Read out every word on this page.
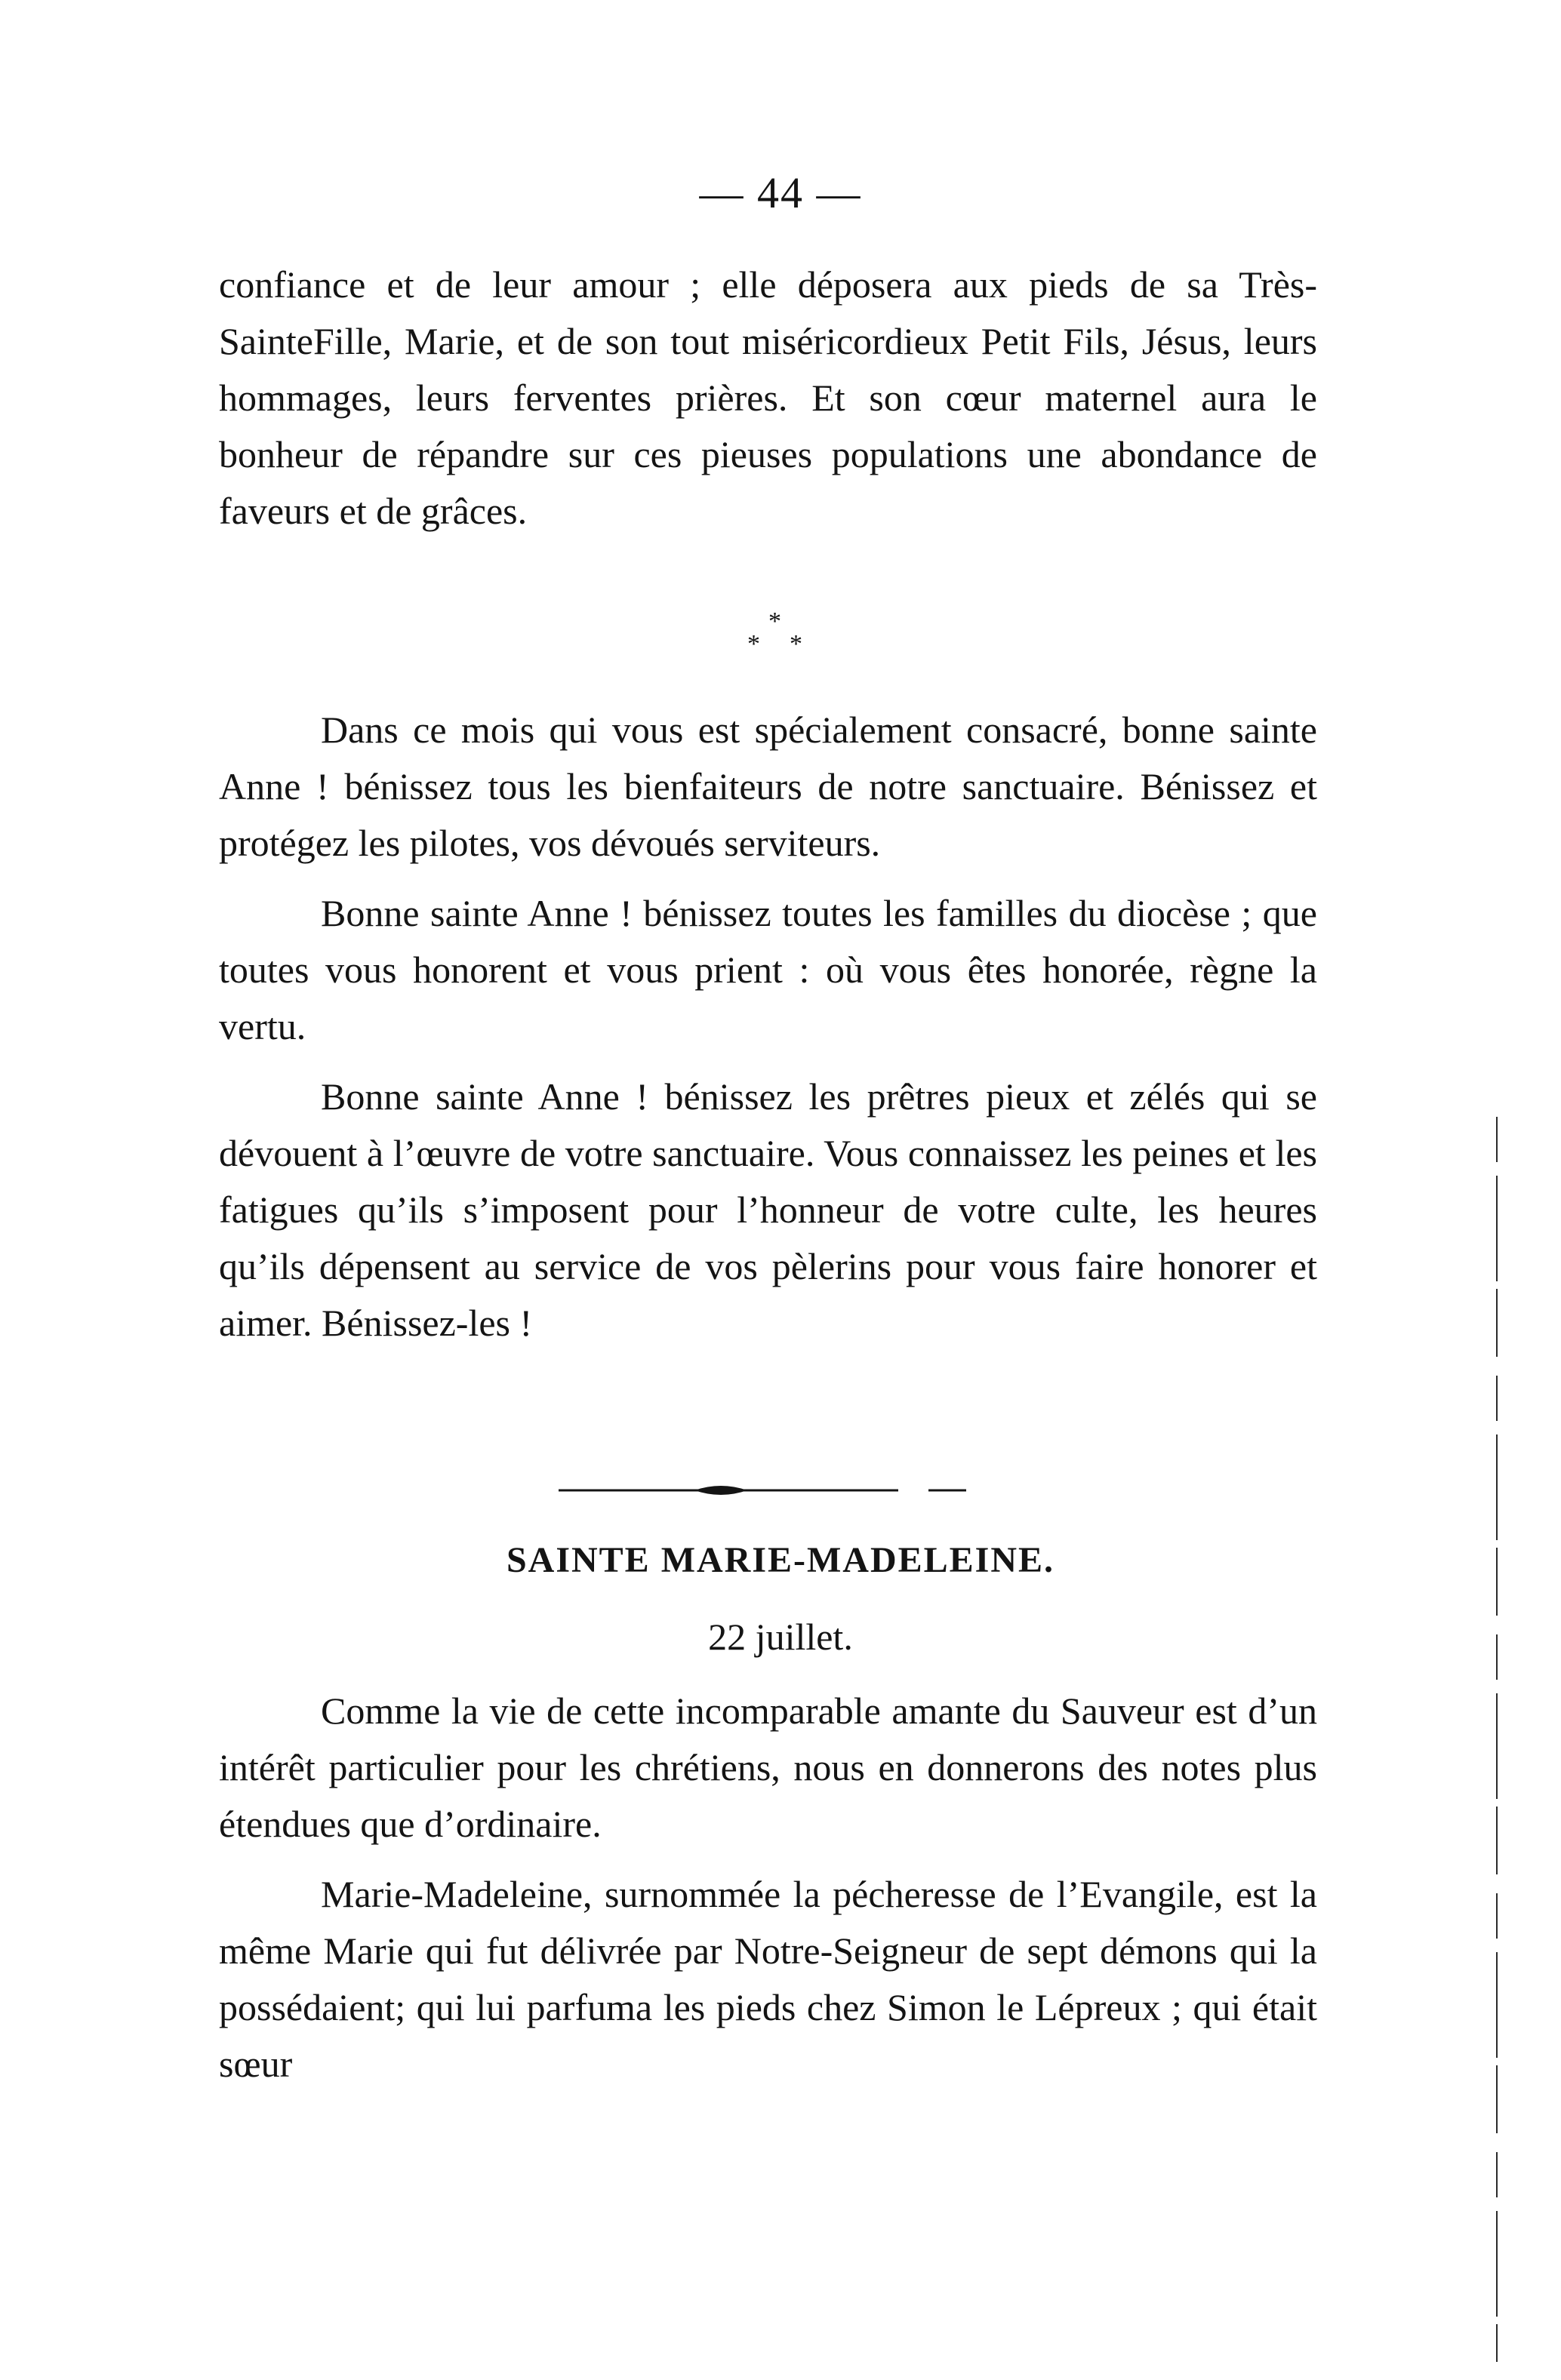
— 44 —

confiance et de leur amour ; elle déposera aux pieds de sa Très-SainteFille, Marie, et de son tout miséricordieux Petit Fils, Jésus, leurs hommages, leurs ferventes prières. Et son cœur maternel aura le bonheur de répandre sur ces pieuses populations une abondance de faveurs et de grâces.

*
* *

Dans ce mois qui vous est spécialement consacré, bonne sainte Anne ! bénissez tous les bienfaiteurs de notre sanctuaire. Bénissez et protégez les pilotes, vos dévoués serviteurs.

Bonne sainte Anne ! bénissez toutes les familles du diocèse ; que toutes vous honorent et vous prient : où vous êtes honorée, règne la vertu.

Bonne sainte Anne ! bénissez les prêtres pieux et zélés qui se dévouent à l’œuvre de votre sanctuaire. Vous connaissez les peines et les fatigues qu’ils s’imposent pour l’honneur de votre culte, les heures qu’ils dépensent au service de vos pèlerins pour vous faire honorer et aimer. Bénissez-les !

SAINTE MARIE-MADELEINE.
22 juillet.

Comme la vie de cette incomparable amante du Sauveur est d’un intérêt particulier pour les chrétiens, nous en donnerons des notes plus étendues que d’ordinaire.

Marie-Madeleine, surnommée la pécheresse de l’Evangile, est la même Marie qui fut délivrée par Notre-Seigneur de sept démons qui la possédaient; qui lui parfuma les pieds chez Simon le Lépreux ; qui était sœur
